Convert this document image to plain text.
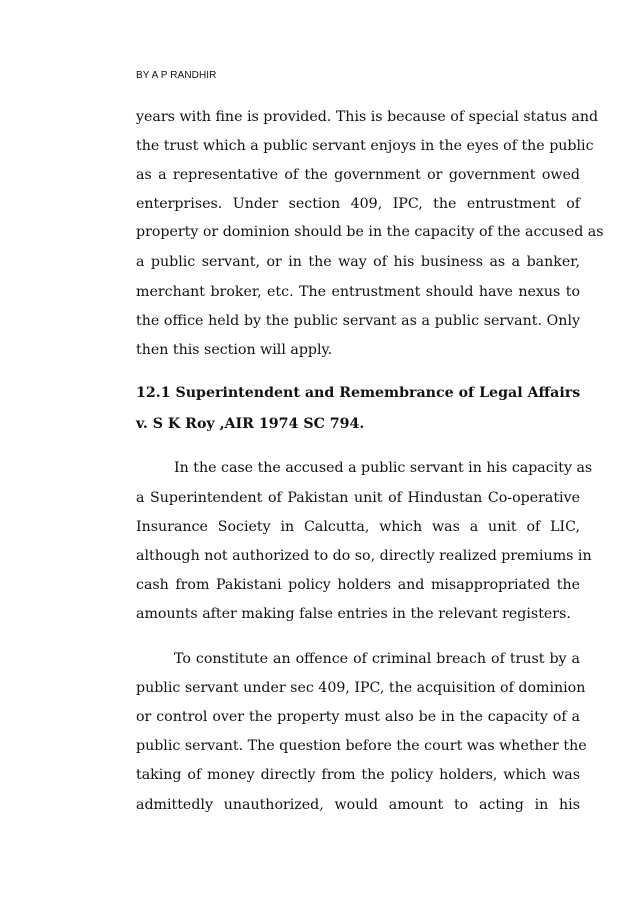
BY A P RANDHIR
years with fine is provided. This is because of special status and
the trust which a public servant enjoys in the eyes of the public
as a representative of the government or government owed
enterprises. Under section 409, IPC, the entrustment of
property or dominion should be in the capacity of the accused as
a public servant, or in the way of his business as a banker,
merchant broker, etc. The entrustment should have nexus to
the office held by the public servant as a public servant. Only
then this section will apply.
12.1 Superintendent and Remembrance of Legal Affairs
v. S K Roy ,AIR 1974 SC 794.
In the case the accused a public servant in his capacity as
a Superintendent of Pakistan unit of Hindustan Co-operative
Insurance Society in Calcutta, which was a unit of LIC,
although not authorized to do so, directly realized premiums in
cash from Pakistani policy holders and misappropriated the
amounts after making false entries in the relevant registers.
To constitute an offence of criminal breach of trust by a
public servant under sec 409, IPC, the acquisition of dominion
or control over the property must also be in the capacity of a
public servant. The question before the court was whether the
taking of money directly from the policy holders, which was
admittedly unauthorized, would amount to acting in his
